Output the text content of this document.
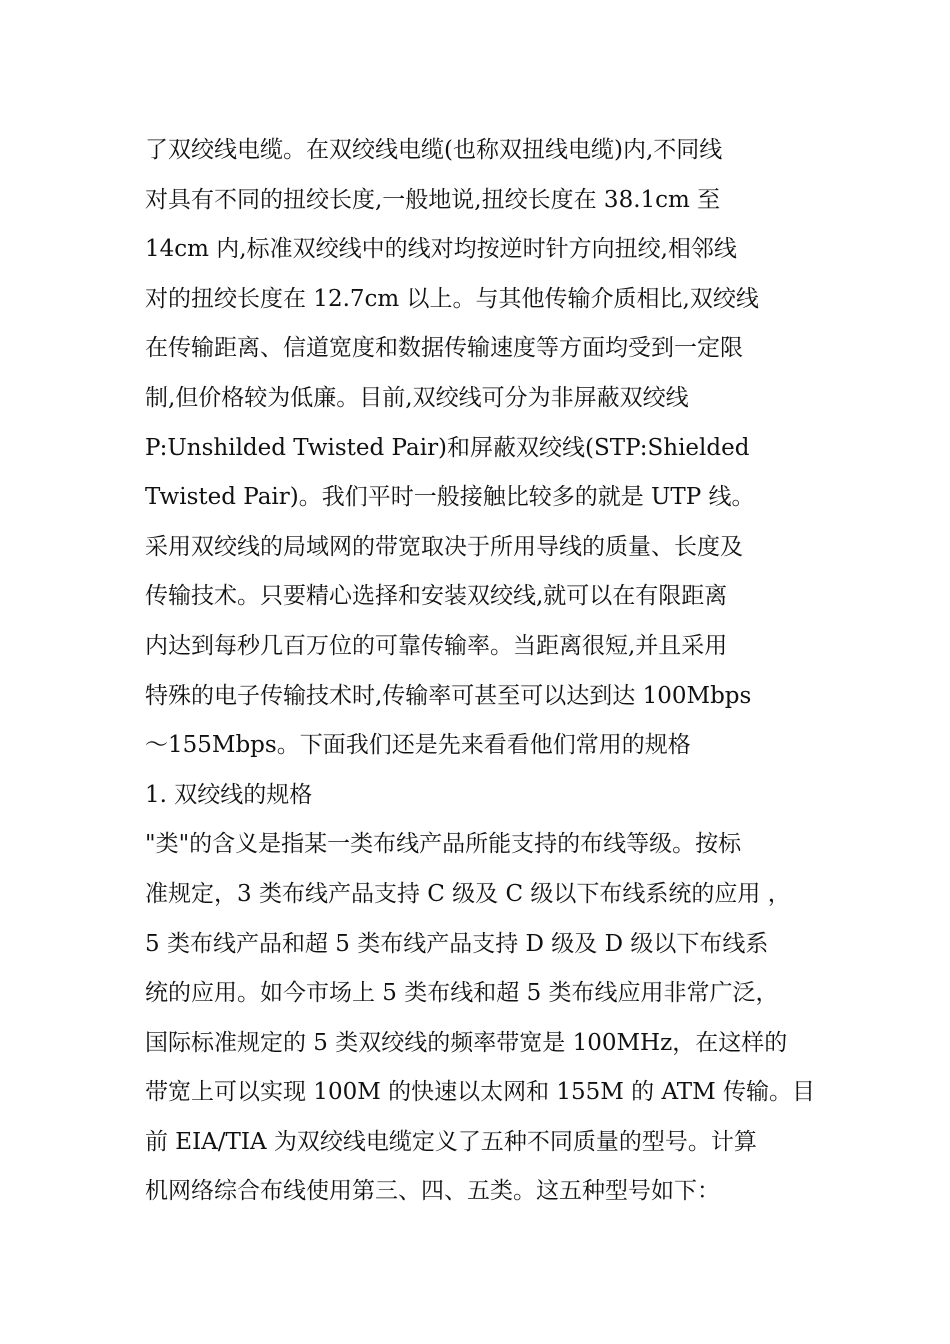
了双绞线电缆。在双绞线电缆(也称双扭线电缆)内,不同线
对具有不同的扭绞长度,一般地说,扭绞长度在 38.1cm 至
14cm 内,标准双绞线中的线对均按逆时针方向扭绞,相邻线
对的扭绞长度在 12.7cm 以上。与其他传输介质相比,双绞线
在传输距离、信道宽度和数据传输速度等方面均受到一定限
制,但价格较为低廉。目前,双绞线可分为非屏蔽双绞线
P:Unshilded Twisted Pair)和屏蔽双绞线(STP:Shielded
Twisted Pair)。我们平时一般接触比较多的就是 UTP 线。
采用双绞线的局域网的带宽取决于所用导线的质量、长度及
传输技术。只要精心选择和安装双绞线,就可以在有限距离
内达到每秒几百万位的可靠传输率。当距离很短,并且采用
特殊的电子传输技术时,传输率可甚至可以达到达 100Mbps
～155Mbps。下面我们还是先来看看他们常用的规格
1. 双绞线的规格
"类"的含义是指某一类布线产品所能支持的布线等级。按标
准规定，3 类布线产品支持 C 级及 C 级以下布线系统的应用 ，
5 类布线产品和超 5 类布线产品支持 D 级及 D 级以下布线系
统的应用。如今市场上 5 类布线和超 5 类布线应用非常广泛，
国际标准规定的 5 类双绞线的频率带宽是 100MHz，在这样的
带宽上可以实现 100M 的快速以太网和 155M 的 ATM 传输。目
前 EIA/TIA 为双绞线电缆定义了五种不同质量的型号。计算
机网络综合布线使用第三、四、五类。这五种型号如下：
